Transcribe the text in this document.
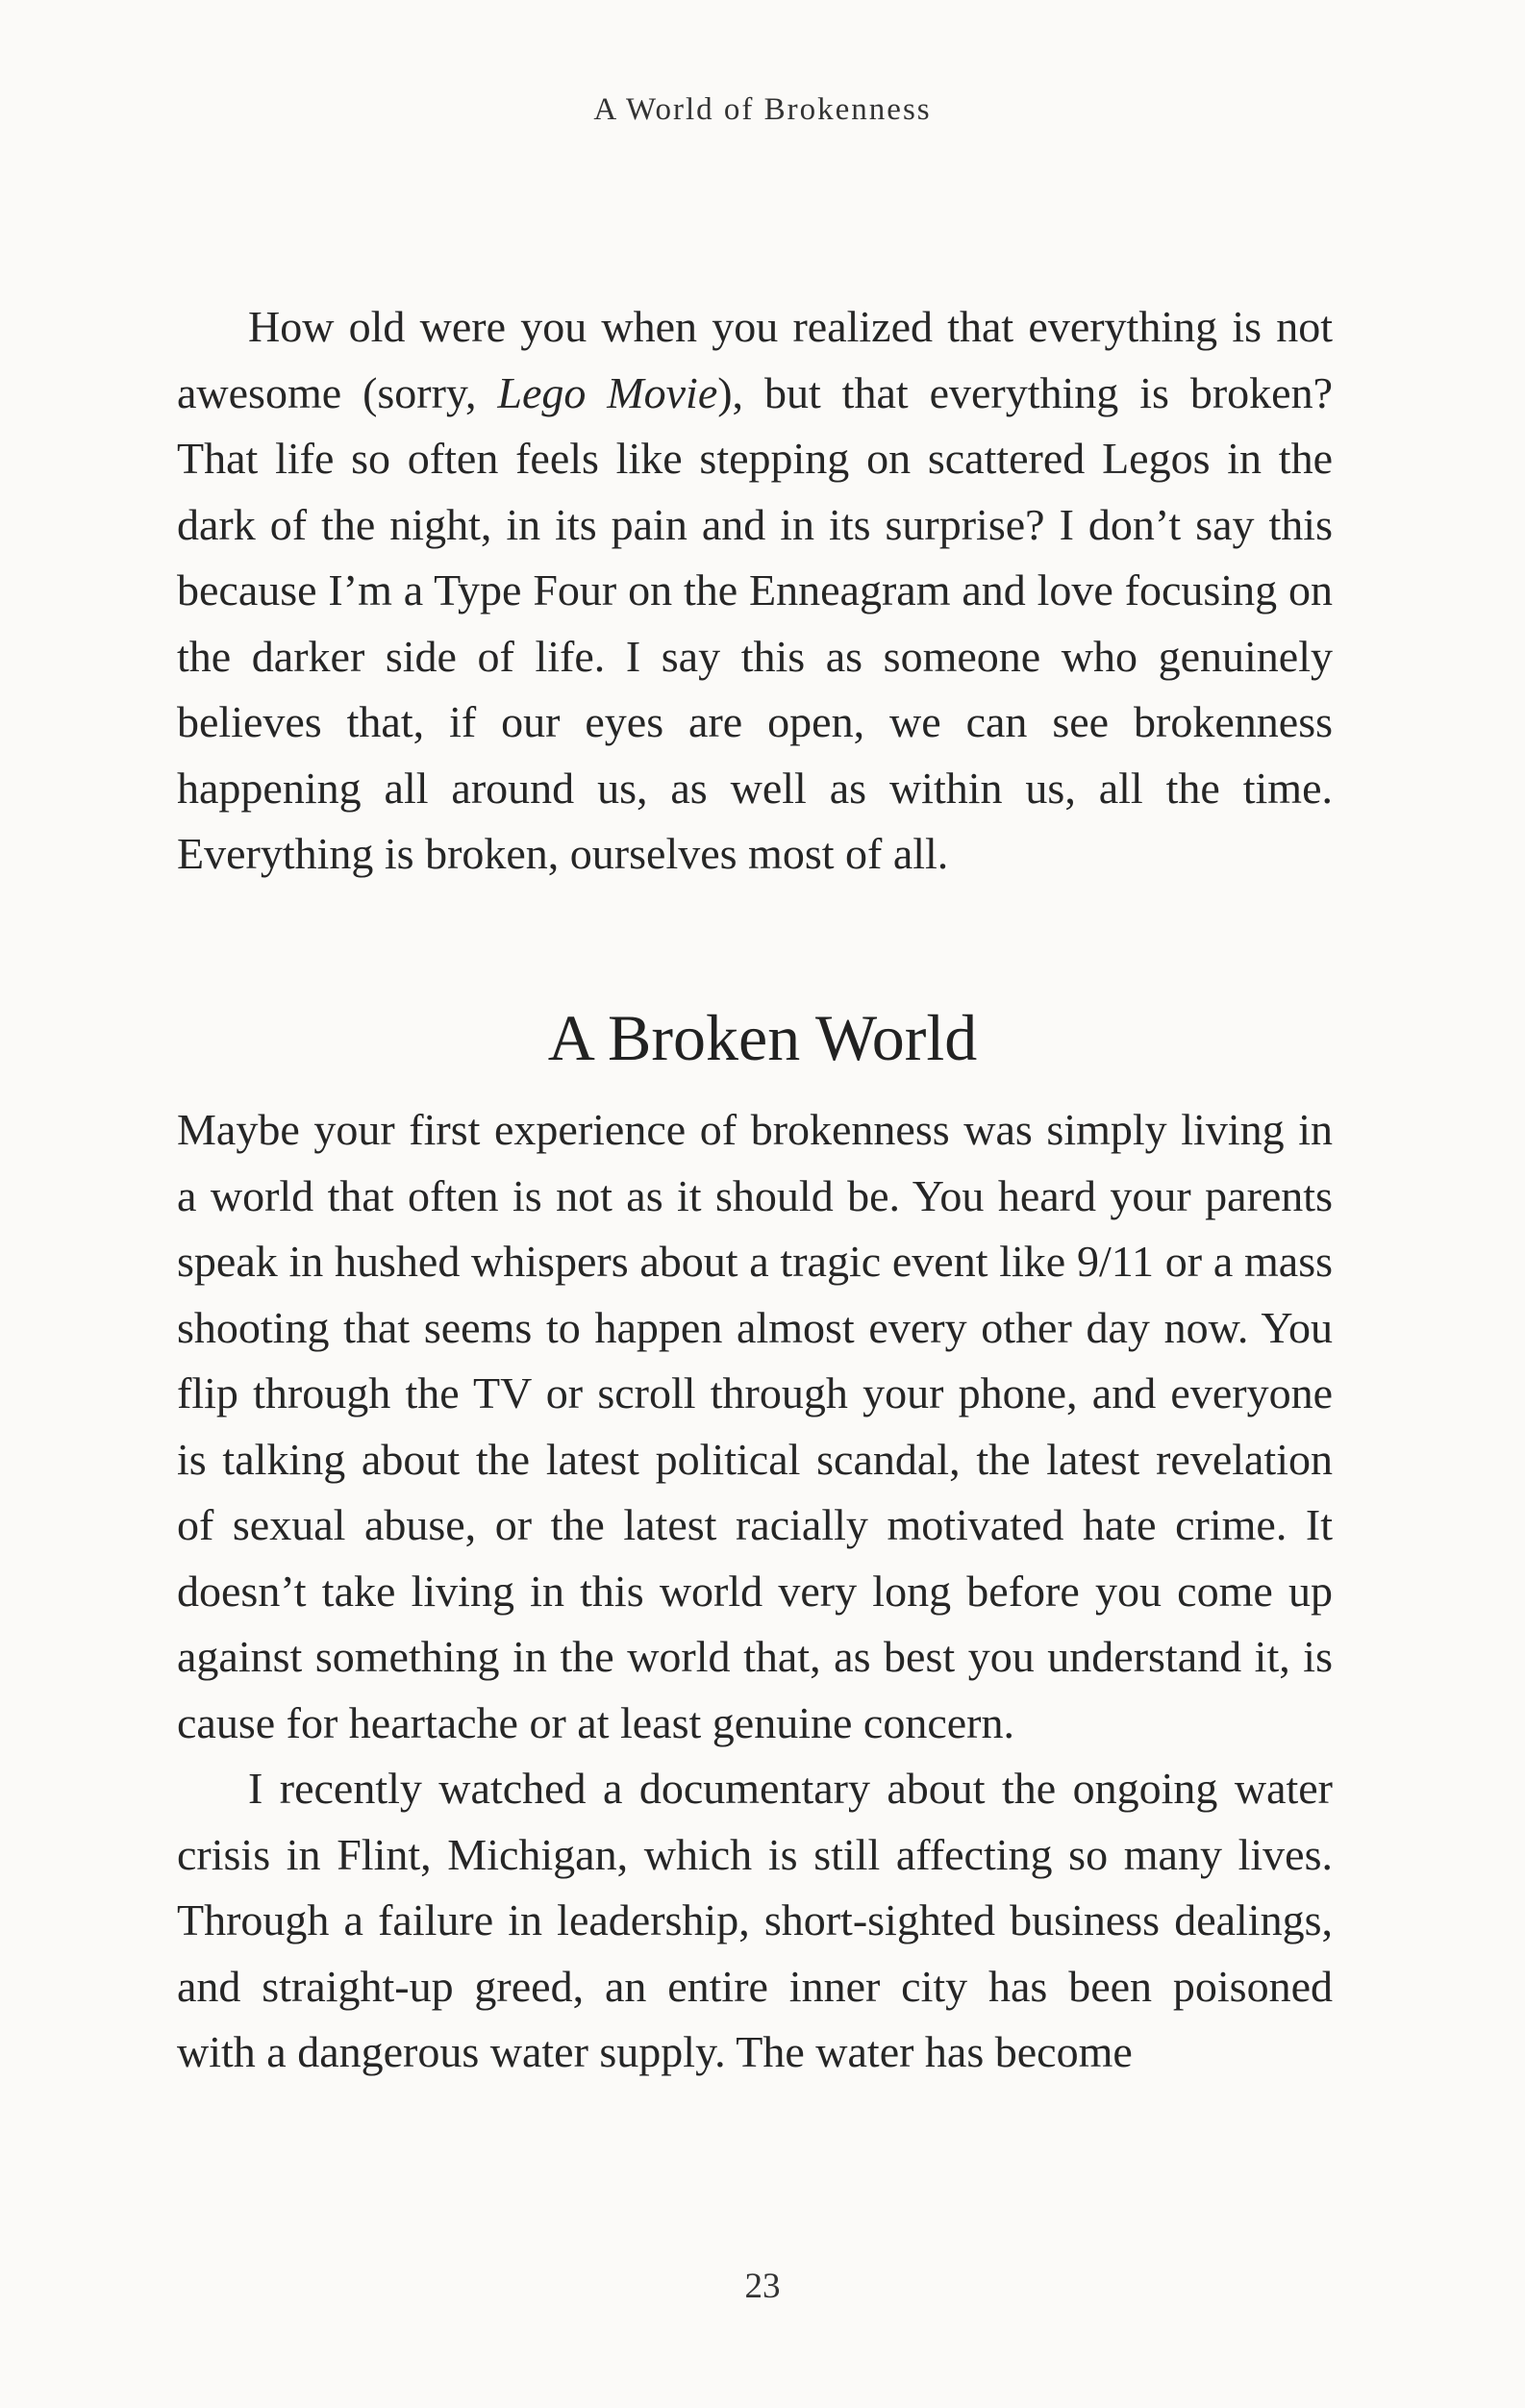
A World of Brokenness

How old were you when you realized that everything is not awesome (sorry, Lego Movie), but that everything is broken? That life so often feels like stepping on scattered Legos in the dark of the night, in its pain and in its surprise? I don’t say this because I’m a Type Four on the Enneagram and love focusing on the darker side of life. I say this as someone who genuinely believes that, if our eyes are open, we can see brokenness happening all around us, as well as within us, all the time. Everything is broken, ourselves most of all.

A Broken World

Maybe your first experience of brokenness was simply living in a world that often is not as it should be. You heard your parents speak in hushed whispers about a tragic event like 9/11 or a mass shooting that seems to happen almost every other day now. You flip through the TV or scroll through your phone, and everyone is talking about the latest political scandal, the latest revelation of sexual abuse, or the latest racially motivated hate crime. It doesn’t take living in this world very long before you come up against something in the world that, as best you understand it, is cause for heartache or at least genuine concern.

I recently watched a documentary about the ongoing water crisis in Flint, Michigan, which is still affecting so many lives. Through a failure in leadership, short-sighted business dealings, and straight-up greed, an entire inner city has been poisoned with a dangerous water supply. The water has become

23
